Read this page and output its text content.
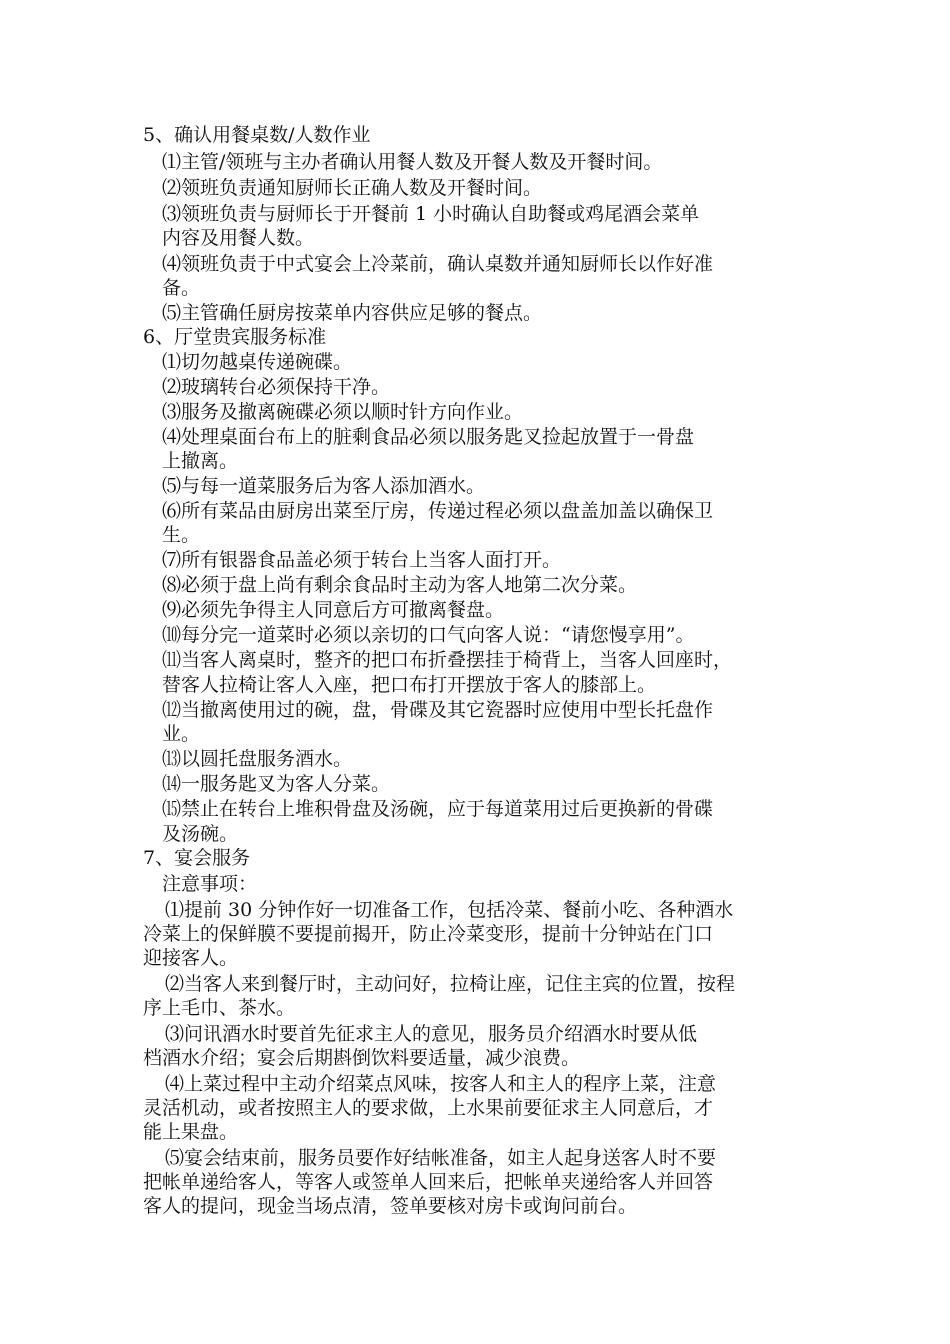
5、确认用餐桌数/人数作业
⑴主管/领班与主办者确认用餐人数及开餐人数及开餐时间。
⑵领班负责通知厨师长正确人数及开餐时间。
⑶领班负责与厨师长于开餐前 1 小时确认自助餐或鸡尾酒会菜单
内容及用餐人数。
⑷领班负责于中式宴会上冷菜前，确认桌数并通知厨师长以作好准
备。
⑸主管确任厨房按菜单内容供应足够的餐点。
6、厅堂贵宾服务标准
⑴切勿越桌传递碗碟。
⑵玻璃转台必须保持干净。
⑶服务及撤离碗碟必须以顺时针方向作业。
⑷处理桌面台布上的脏剩食品必须以服务匙叉捡起放置于一骨盘
上撤离。
⑸与每一道菜服务后为客人添加酒水。
⑹所有菜品由厨房出菜至厅房，传递过程必须以盘盖加盖以确保卫
生。
⑺所有银器食品盖必须于转台上当客人面打开。
⑻必须于盘上尚有剩余食品时主动为客人地第二次分菜。
⑼必须先争得主人同意后方可撤离餐盘。
⑽每分完一道菜时必须以亲切的口气向客人说：“请您慢享用”。
⑾当客人离桌时，整齐的把口布折叠摆挂于椅背上，当客人回座时，
替客人拉椅让客人入座，把口布打开摆放于客人的膝部上。
⑿当撤离使用过的碗，盘，骨碟及其它瓷器时应使用中型长托盘作
业。
⒀以圆托盘服务酒水。
⒁一服务匙叉为客人分菜。
⒂禁止在转台上堆积骨盘及汤碗，应于每道菜用过后更换新的骨碟
及汤碗。
7、宴会服务
注意事项：
⑴提前 30 分钟作好一切准备工作，包括冷菜、餐前小吃、各种酒水
冷菜上的保鲜膜不要提前揭开，防止冷菜变形，提前十分钟站在门口
迎接客人。
⑵当客人来到餐厅时，主动问好，拉椅让座，记住主宾的位置，按程
序上毛巾、茶水。
⑶问讯酒水时要首先征求主人的意见，服务员介绍酒水时要从低
档酒水介绍；宴会后期斟倒饮料要适量，减少浪费。
⑷上菜过程中主动介绍菜点风味，按客人和主人的程序上菜，注意
灵活机动，或者按照主人的要求做，上水果前要征求主人同意后，才
能上果盘。
⑸宴会结束前，服务员要作好结帐准备，如主人起身送客人时不要
把帐单递给客人，等客人或签单人回来后，把帐单夹递给客人并回答
客人的提问，现金当场点清，签单要核对房卡或询问前台。
